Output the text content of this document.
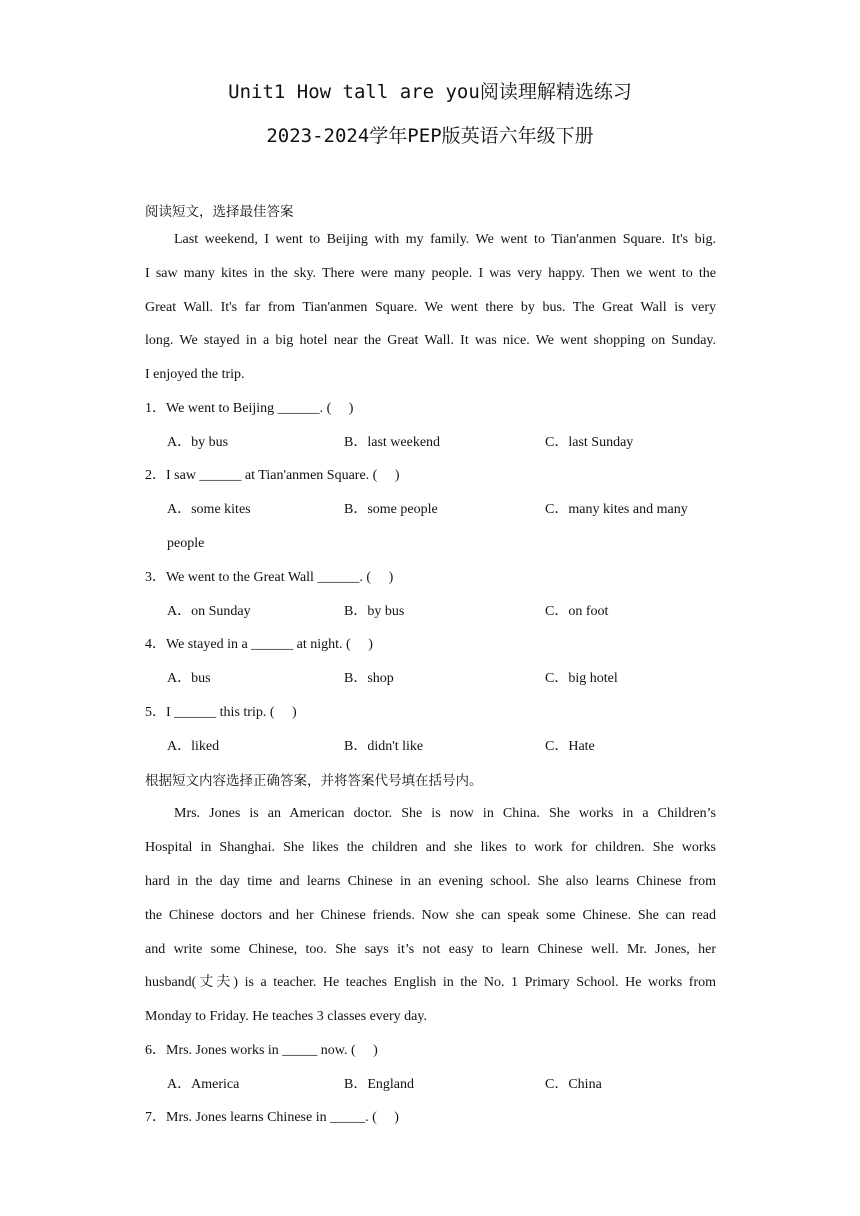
Unit1 How tall are you阅读理解精选练习
2023-2024学年PEP版英语六年级下册
阅读短文，选择最佳答案
Last weekend, I went to Beijing with my family. We went to Tian'anmen Square. It's big.
I saw many kites in the sky. There were many people. I was very happy. Then we went to the
Great Wall. It's far from Tian'anmen Square. We went there by bus. The Great Wall is very
long. We stayed in a big hotel near the Great Wall. It was nice. We went shopping on Sunday.
I enjoyed the trip.
1．We went to Beijing ______. (　 )
A．by bus	B．last weekend	C．last Sunday
2．I saw ______ at Tian'anmen Square. (　 )
A．some kites	B．some people	C．many kites and many
people
3．We went to the Great Wall ______. (　 )
A．on Sunday	B．by bus	C．on foot
4．We stayed in a ______ at night. (　 )
A．bus	B．shop	C．big hotel
5．I ______ this trip. (　 )
A．liked	B．didn't like	C．Hate
根据短文内容选择正确答案，并将答案代号填在括号内。
Mrs. Jones is an American doctor. She is now in China. She works in a Children’s
Hospital in Shanghai. She likes the children and she likes to work for children. She works
hard in the day time and learns Chinese in an evening school. She also learns Chinese from
the Chinese doctors and her Chinese friends. Now she can speak some Chinese. She can read
and write some Chinese, too. She says it’s not easy to learn Chinese well. Mr. Jones, her
husband(丈夫) is a teacher. He teaches English in the No. 1 Primary School. He works from
Monday to Friday. He teaches 3 classes every day.
6．Mrs. Jones works in _____ now. (　 )
A．America	B．England	C．China
7．Mrs. Jones learns Chinese in _____. (　 )
